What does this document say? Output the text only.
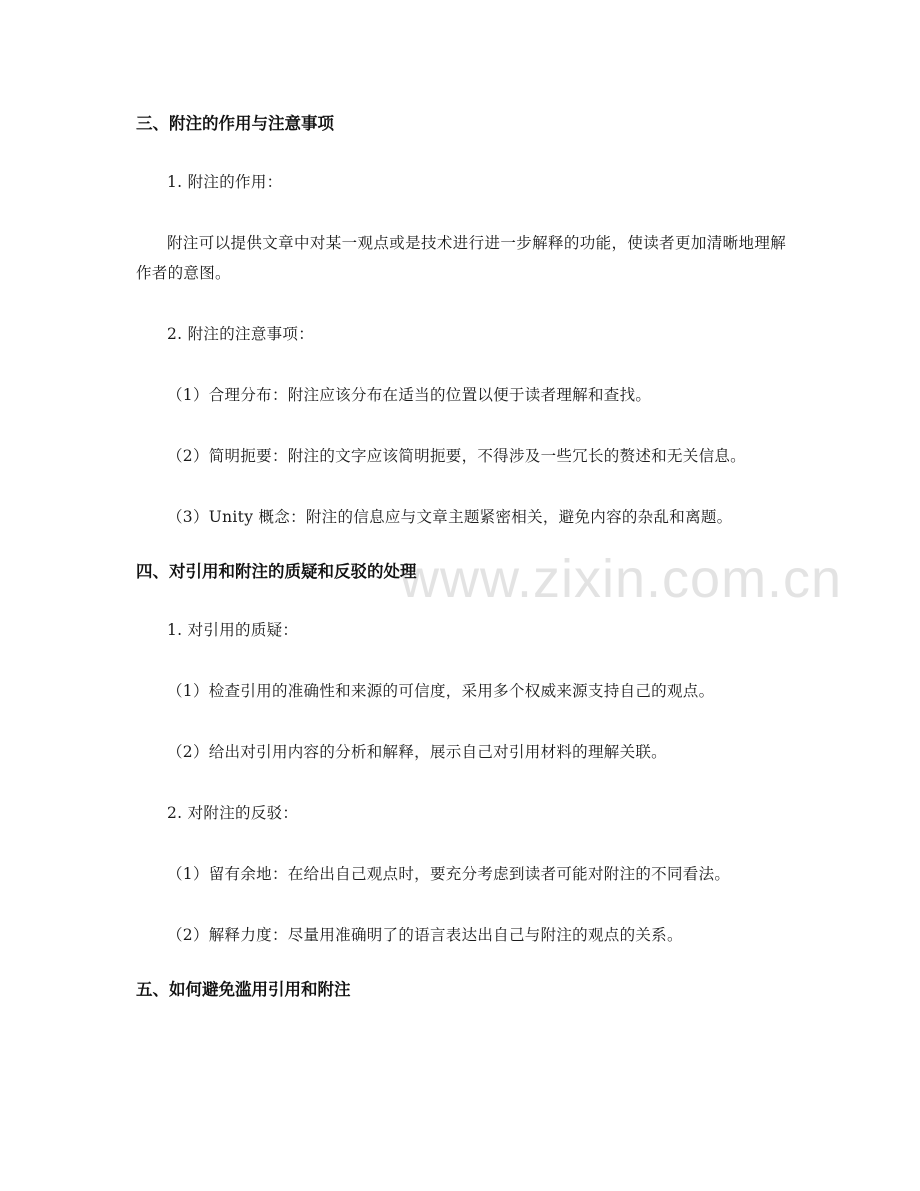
www.zixin.com.cn
三、附注的作用与注意事项

1. 附注的作用：

附注可以提供文章中对某一观点或是技术进行进一步解释的功能，使读者更加清晰地理解作者的意图。

2. 附注的注意事项：

（1）合理分布：附注应该分布在适当的位置以便于读者理解和查找。

（2）简明扼要：附注的文字应该简明扼要，不得涉及一些冗长的赘述和无关信息。

（3）Unity 概念：附注的信息应与文章主题紧密相关，避免内容的杂乱和离题。

四、对引用和附注的质疑和反驳的处理

1. 对引用的质疑：

（1）检查引用的准确性和来源的可信度，采用多个权威来源支持自己的观点。

（2）给出对引用内容的分析和解释，展示自己对引用材料的理解关联。

2. 对附注的反驳：

（1）留有余地：在给出自己观点时，要充分考虑到读者可能对附注的不同看法。

（2）解释力度：尽量用准确明了的语言表达出自己与附注的观点的关系。

五、如何避免滥用引用和附注
